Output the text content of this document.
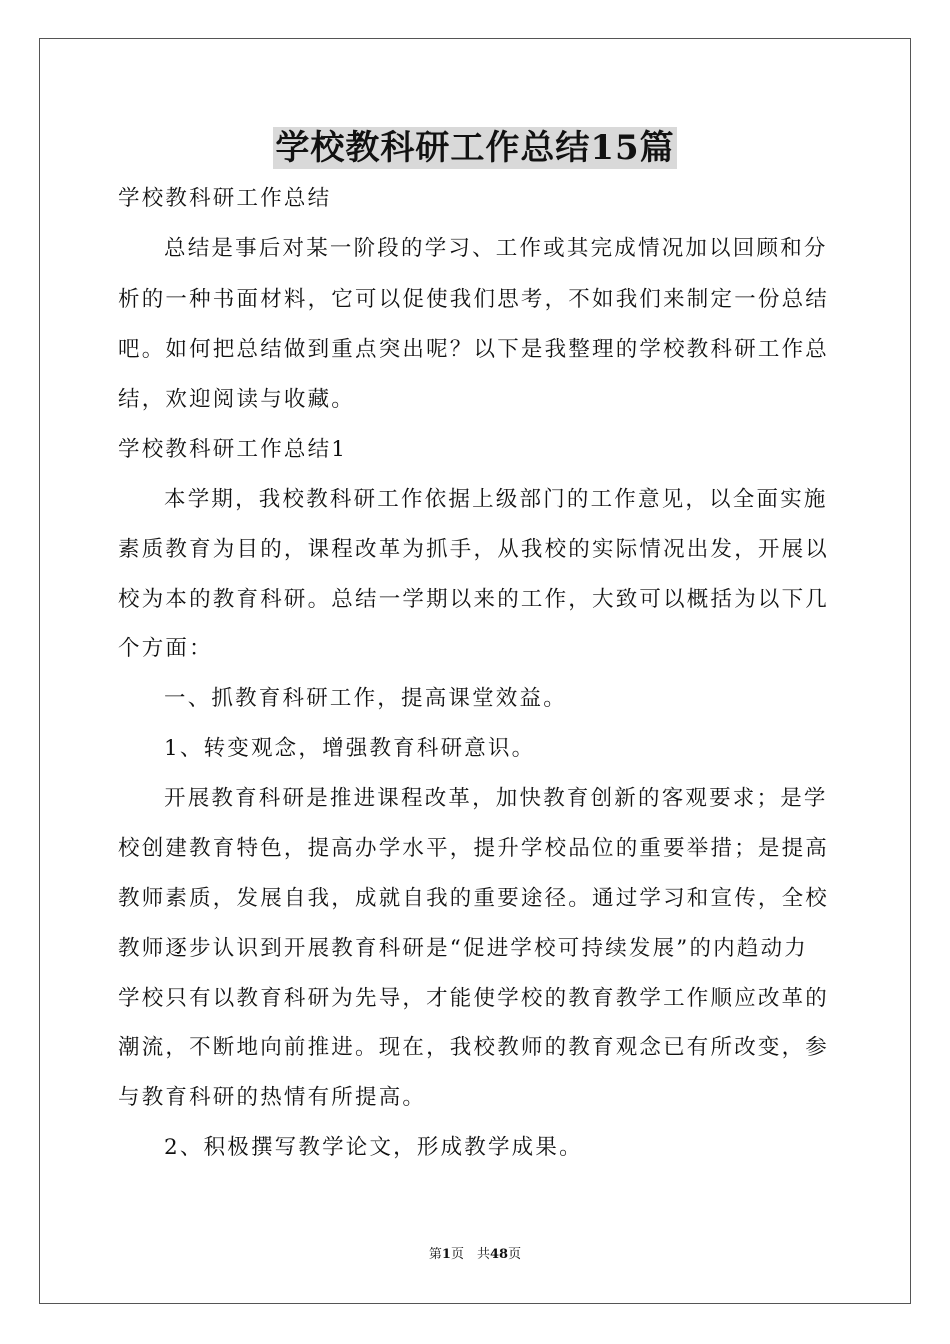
学校教科研工作总结15篇
学校教科研工作总结
总结是事后对某一阶段的学习、工作或其完成情况加以回顾和分
析的一种书面材料，它可以促使我们思考，不如我们来制定一份总结
吧。如何把总结做到重点突出呢？以下是我整理的学校教科研工作总
结，欢迎阅读与收藏。
学校教科研工作总结1
本学期，我校教科研工作依据上级部门的工作意见，以全面实施
素质教育为目的，课程改革为抓手，从我校的实际情况出发，开展以
校为本的教育科研。总结一学期以来的工作，大致可以概括为以下几
个方面：
一、抓教育科研工作，提高课堂效益。
1、转变观念，增强教育科研意识。
开展教育科研是推进课程改革，加快教育创新的客观要求；是学
校创建教育特色，提高办学水平，提升学校品位的重要举措；是提高
教师素质，发展自我，成就自我的重要途径。通过学习和宣传，全校
教师逐步认识到开展教育科研是“促进学校可持续发展”的内趋动力
学校只有以教育科研为先导，才能使学校的教育教学工作顺应改革的
潮流，不断地向前推进。现在，我校教师的教育观念已有所改变，参
与教育科研的热情有所提高。
2、积极撰写教学论文，形成教学成果。
第1页　共48页
